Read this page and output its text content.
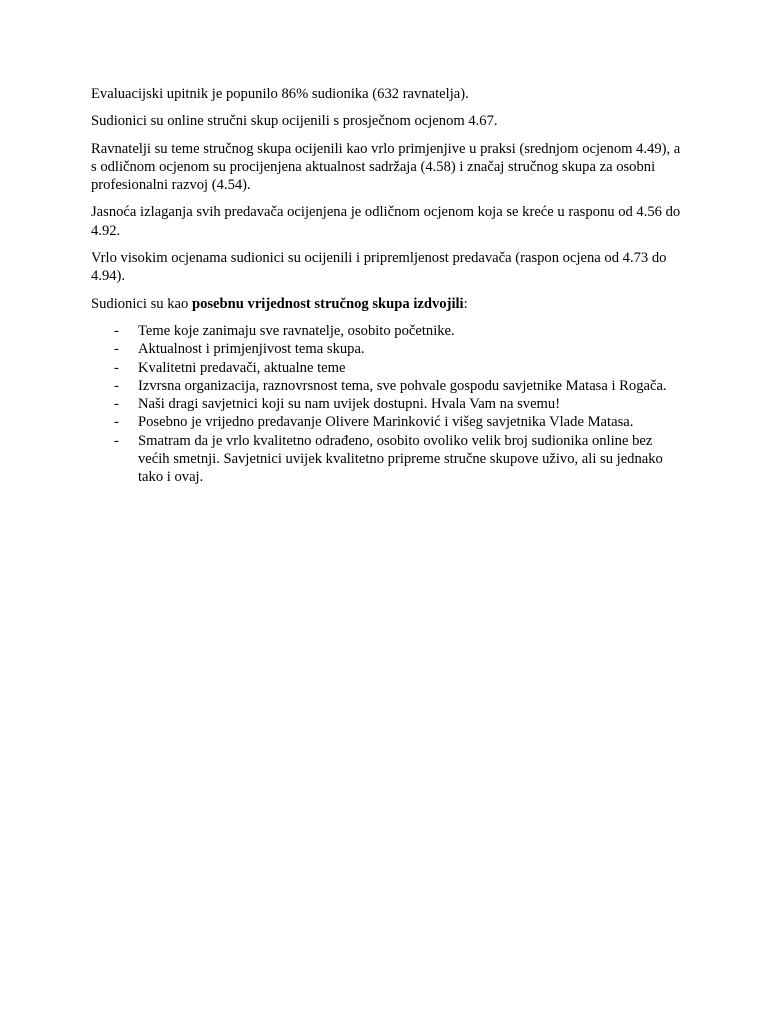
Evaluacijski upitnik je popunilo 86% sudionika (632 ravnatelja).

Sudionici su online stručni skup ocijenili s prosječnom ocjenom 4.67.

Ravnatelji su teme stručnog skupa ocijenili kao vrlo primjenjive u praksi (srednjom ocjenom 4.49), a s odličnom ocjenom su procijenjena aktualnost sadržaja (4.58) i značaj stručnog skupa za osobni profesionalni razvoj (4.54).

Jasnoća izlaganja svih predavača ocijenjena je odličnom ocjenom koja se kreće u rasponu od 4.56 do 4.92.

Vrlo visokim ocjenama sudionici su ocijenili i pripremljenost predavača (raspon ocjena od 4.73 do 4.94).

Sudionici su kao posebnu vrijednost stručnog skupa izdvojili:

- Teme koje zanimaju sve ravnatelje, osobito početnike.
- Aktualnost i primjenjivost tema skupa.
- Kvalitetni predavači, aktualne teme
- Izvrsna organizacija, raznovrsnost tema, sve pohvale gospodu savjetnike Matasa i Rogača.
- Naši dragi savjetnici koji su nam uvijek dostupni. Hvala Vam na svemu!
- Posebno je vrijedno predavanje Olivere Marinković i višeg savjetnika Vlade Matasa.
- Smatram da je vrlo kvalitetno odrađeno, osobito ovoliko velik broj sudionika online bez većih smetnji. Savjetnici uvijek kvalitetno pripreme stručne skupove uživo, ali su jednako tako i ovaj.
